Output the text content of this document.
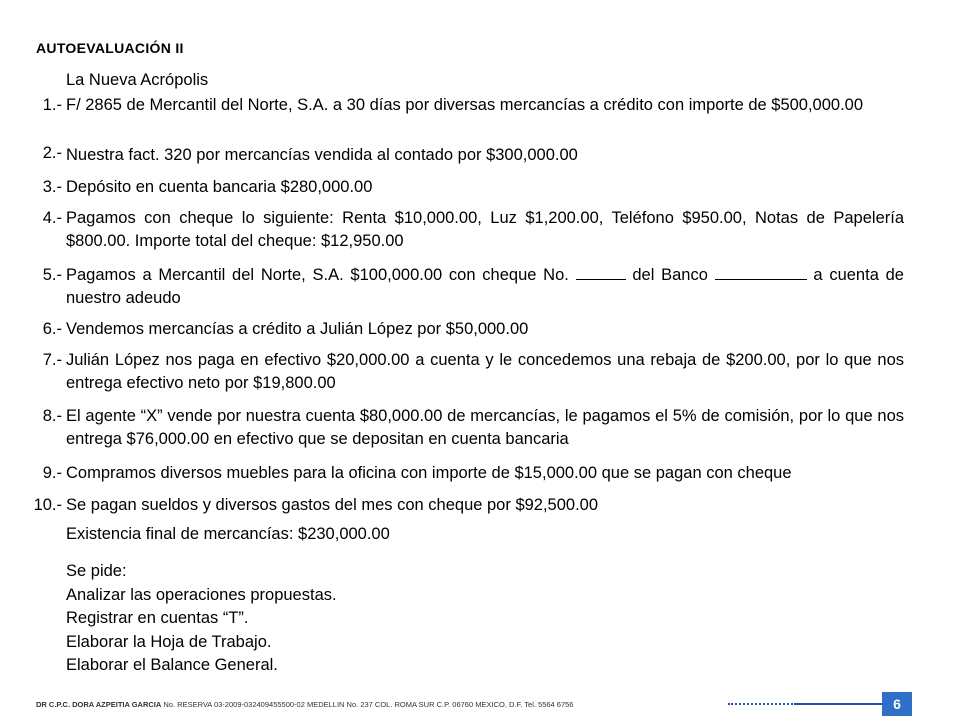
AUTOEVALUACIÓN II
La Nueva Acrópolis
1.- F/ 2865 de Mercantil del Norte, S.A. a 30 días por diversas mercancías a crédito con importe de $500,000.00
2.- Nuestra fact. 320 por mercancías vendida al contado por $300,000.00
3.- Depósito en cuenta bancaria $280,000.00
4.- Pagamos con cheque lo siguiente: Renta $10,000.00, Luz $1,200.00, Teléfono $950.00, Notas de Papelería $800.00. Importe total del cheque: $12,950.00
5.- Pagamos a Mercantil del Norte, S.A. $100,000.00 con cheque No.	del Banco	a cuenta de nuestro adeudo
6.- Vendemos mercancías a crédito a Julián López por $50,000.00
7.- Julián López nos paga en efectivo $20,000.00 a cuenta y le concedemos una rebaja de $200.00, por lo que nos entrega efectivo neto por $19,800.00
8.- El agente “X” vende por nuestra cuenta $80,000.00 de mercancías, le pagamos el 5% de comisión, por lo que nos entrega $76,000.00 en efectivo que se depositan en cuenta bancaria
9.- Compramos diversos muebles para la oficina con importe de $15,000.00 que se pagan con cheque
10.- Se pagan sueldos y diversos gastos del mes con cheque por $92,500.00
Existencia final de mercancías: $230,000.00
Se pide:
Analizar las operaciones propuestas.
Registrar en cuentas “T”.
Elaborar la Hoja de Trabajo.
Elaborar el Balance General.
DR C.P.C. DORA AZPEITIA GARCIA No. RESERVA 03-2009-032409455500-02 MEDELLIN No. 237 COL. ROMA SUR C.P. 06760 MEXICO, D.F. Tel. 5564 6756	6
